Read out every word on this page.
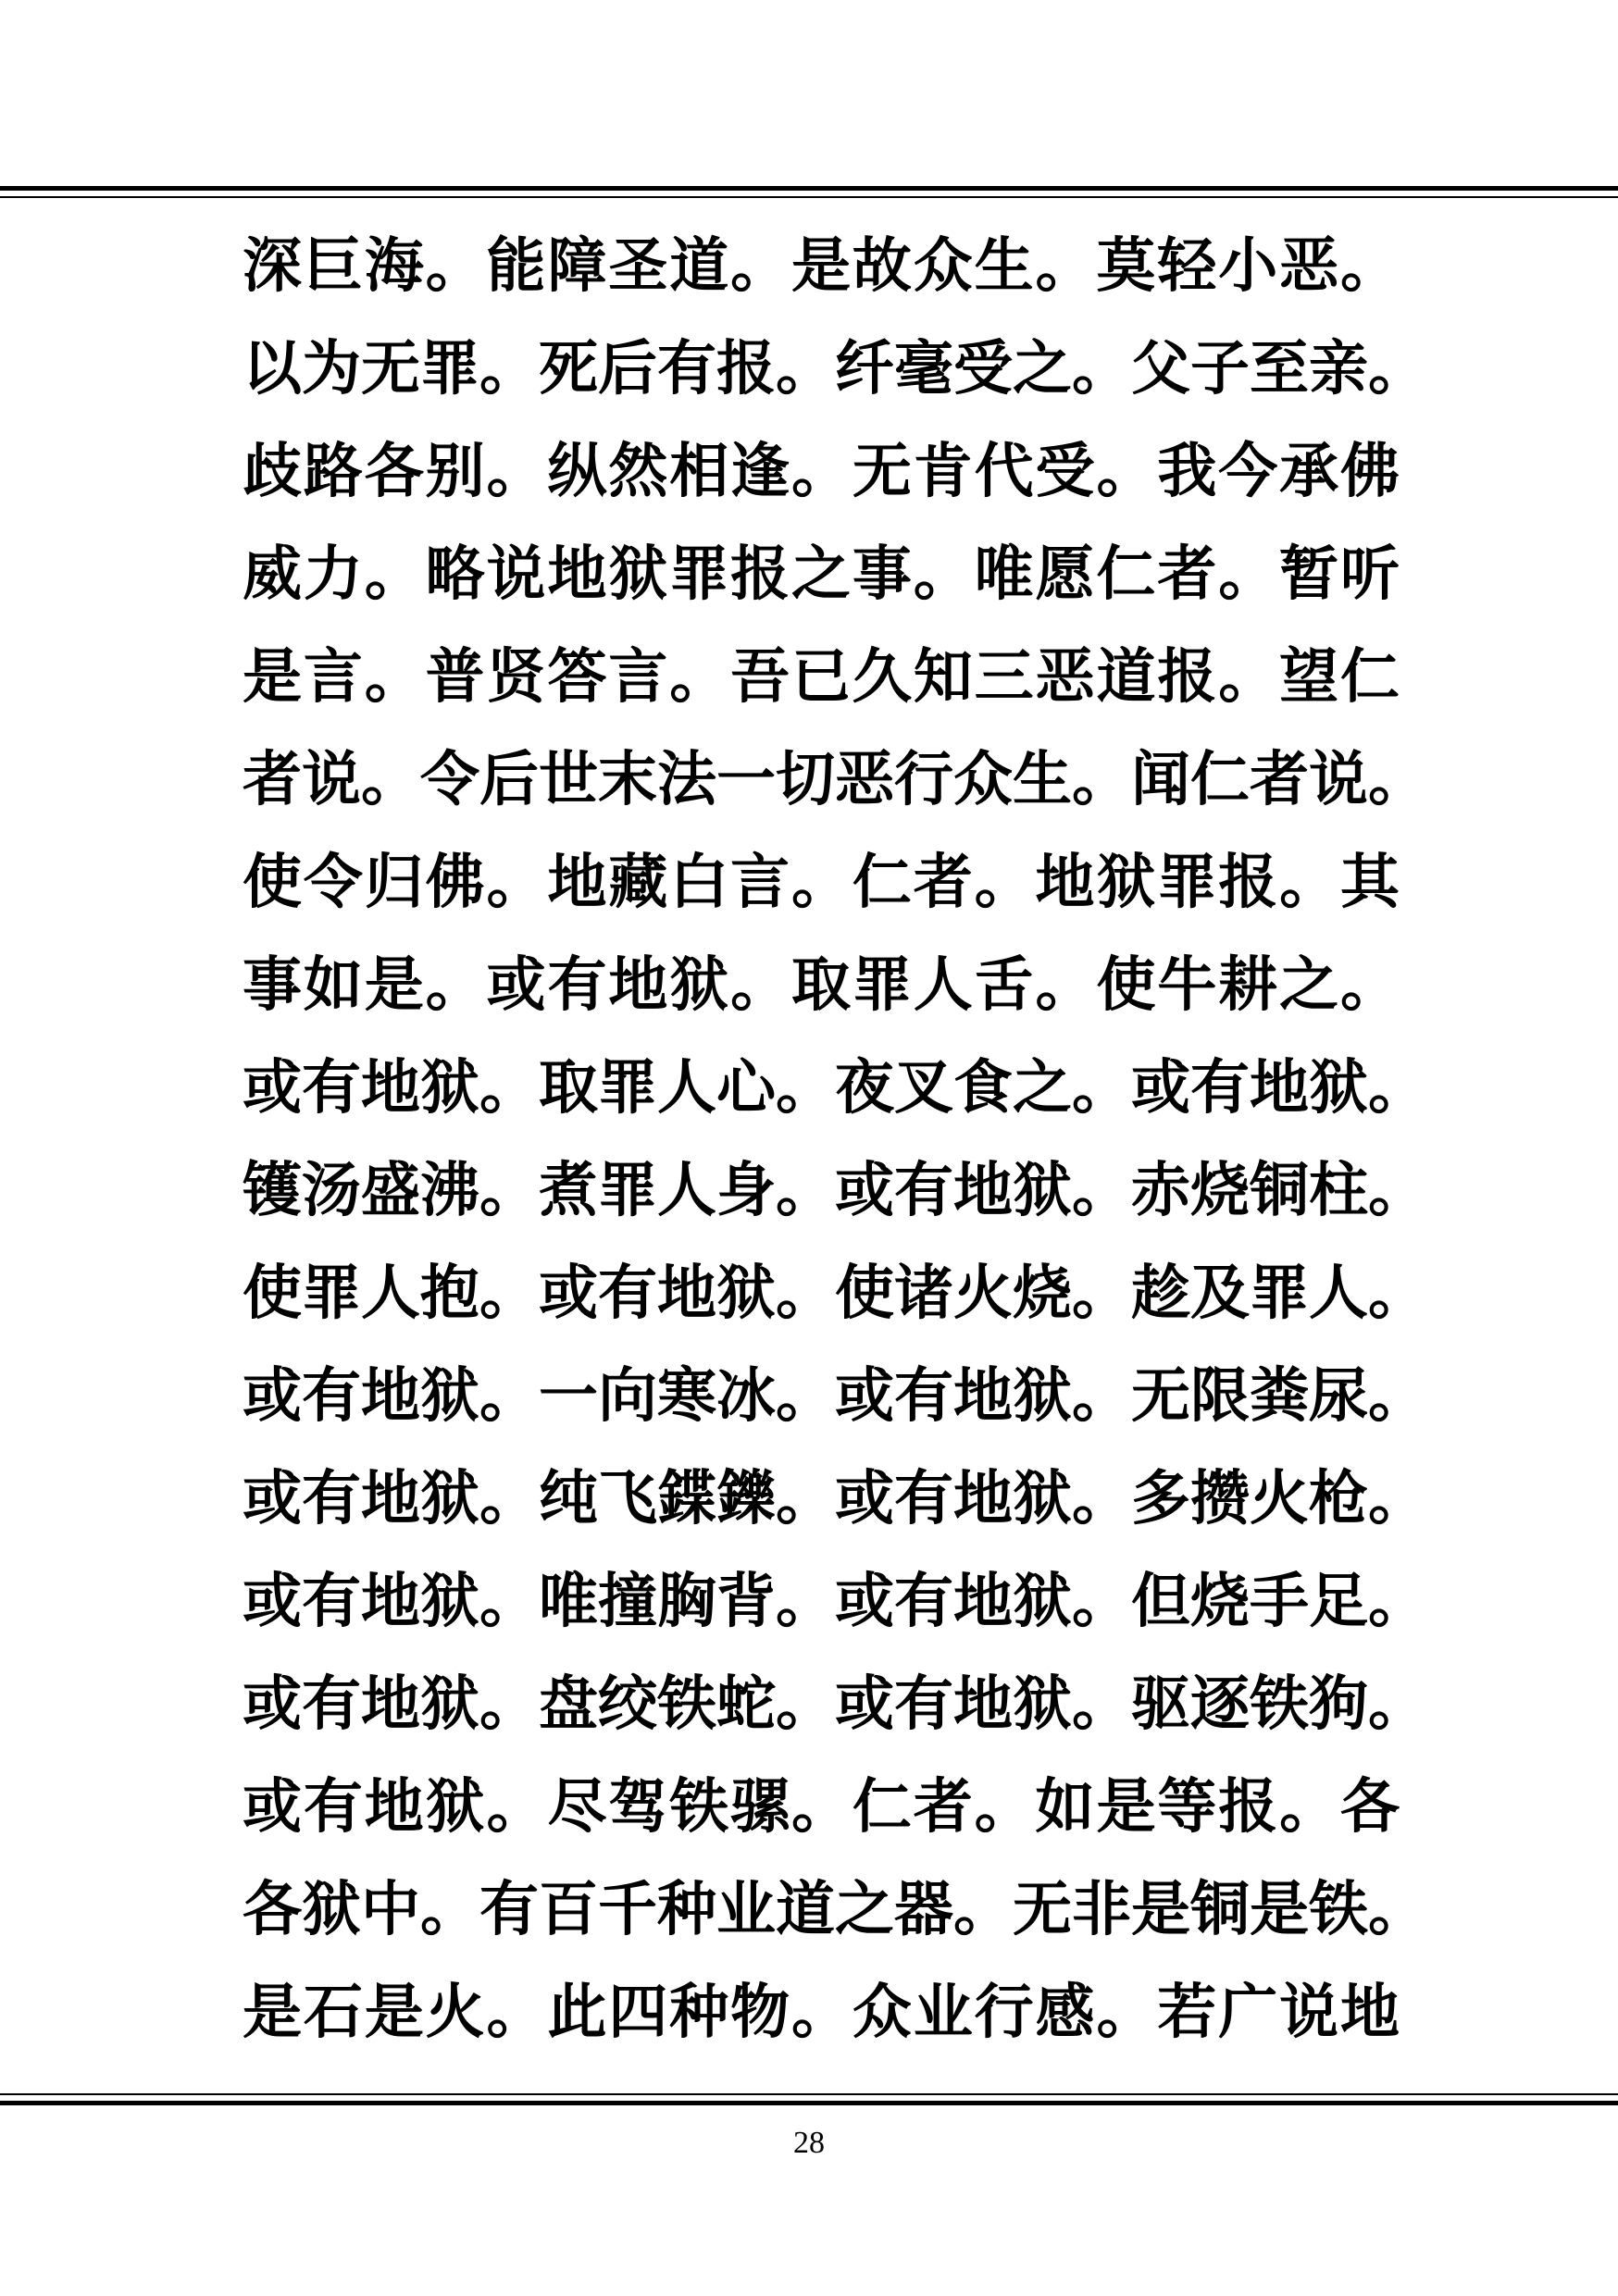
深巨海。能障圣道。是故众生。莫轻小恶。
以为无罪。死后有报。纤毫受之。父子至亲。
歧路各别。纵然相逢。无肯代受。我今承佛
威力。略说地狱罪报之事。唯愿仁者。暂听
是言。普贤答言。吾已久知三恶道报。望仁
者说。令后世末法一切恶行众生。闻仁者说。
使令归佛。地藏白言。仁者。地狱罪报。其
事如是。或有地狱。取罪人舌。使牛耕之。
或有地狱。取罪人心。夜叉食之。或有地狱。
镬汤盛沸。煮罪人身。或有地狱。赤烧铜柱。
使罪人抱。或有地狱。使诸火烧。趁及罪人。
或有地狱。一向寒冰。或有地狱。无限粪尿。
或有地狱。纯飞鍱鑠。或有地狱。多攒火枪。
或有地狱。唯撞胸背。或有地狱。但烧手足。
或有地狱。盘绞铁蛇。或有地狱。驱逐铁狗。
或有地狱。尽驾铁骡。仁者。如是等报。各
各狱中。有百千种业道之器。无非是铜是铁。
是石是火。此四种物。众业行感。若广说地
28
